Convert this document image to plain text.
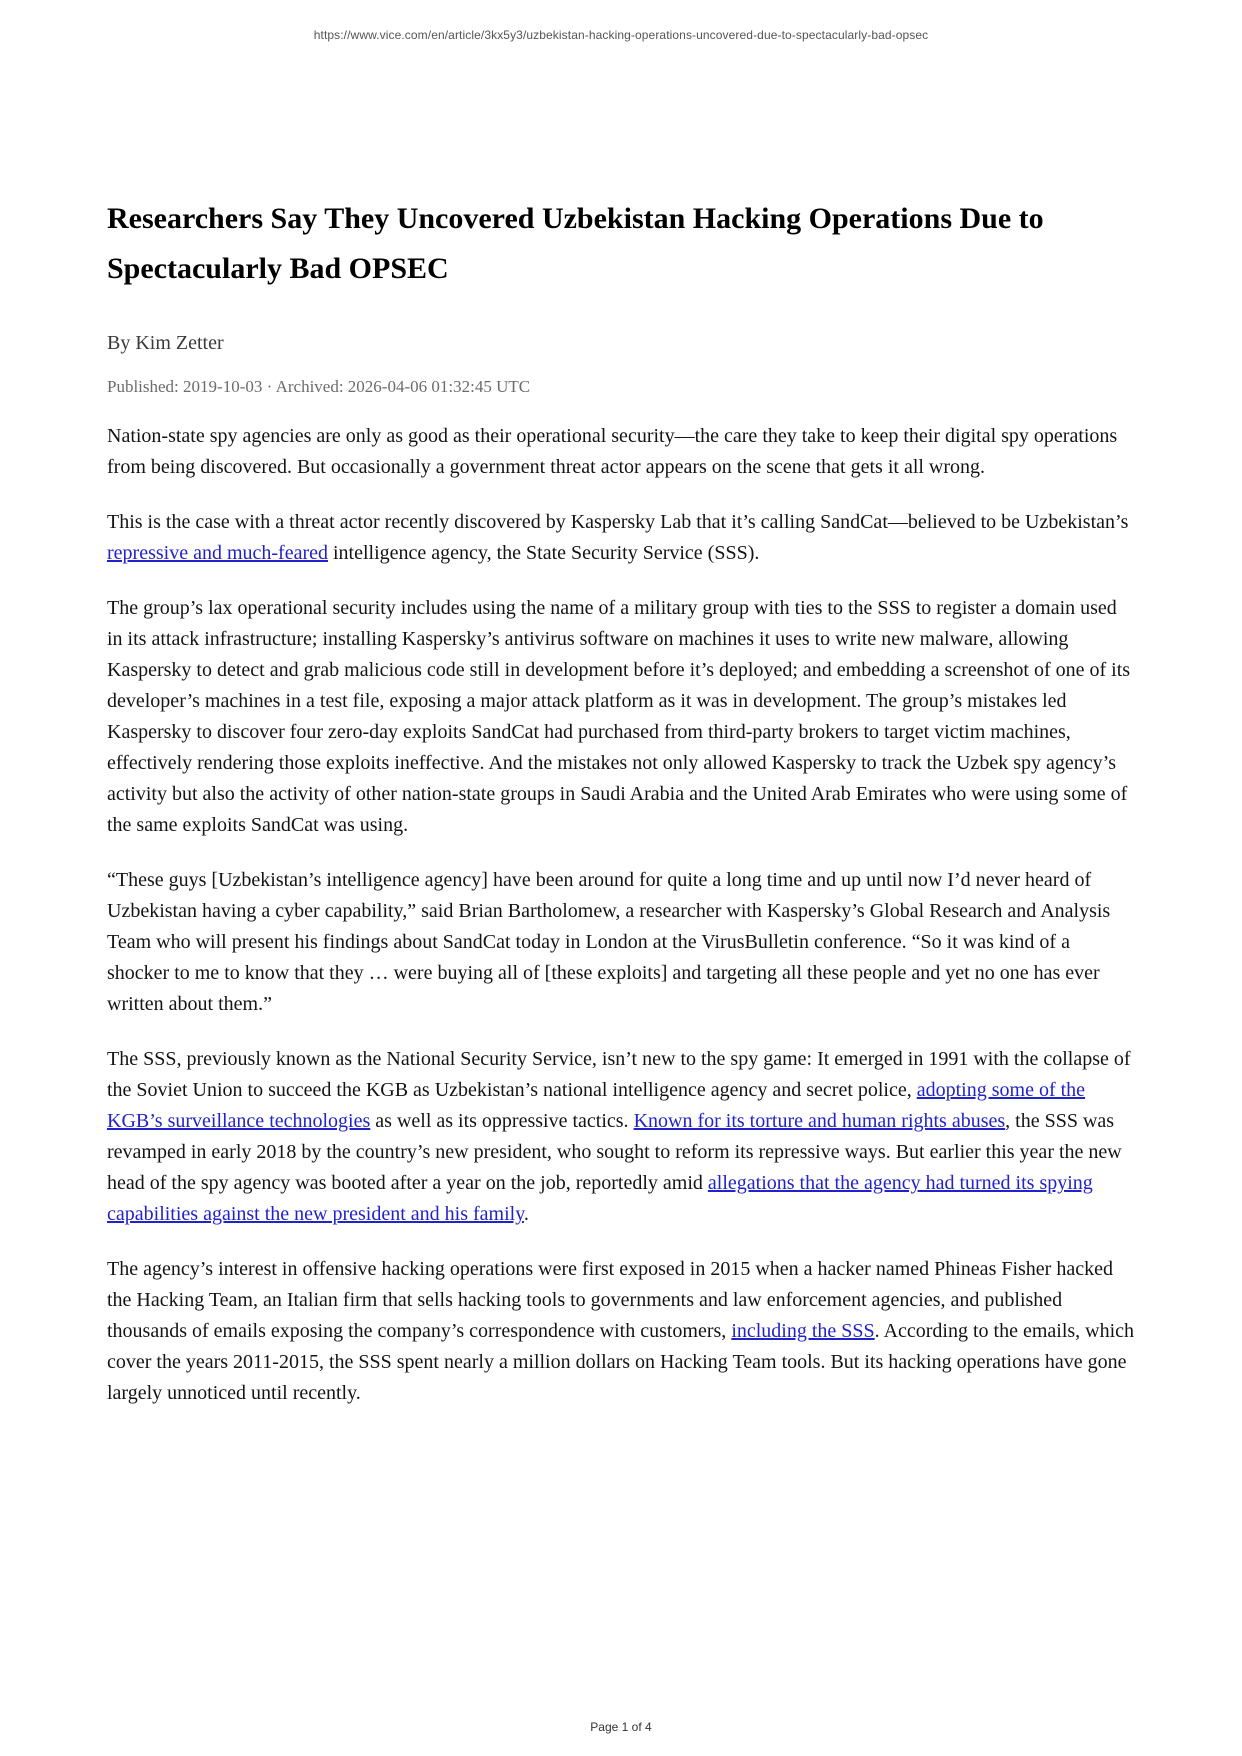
https://www.vice.com/en/article/3kx5y3/uzbekistan-hacking-operations-uncovered-due-to-spectacularly-bad-opsec
Researchers Say They Uncovered Uzbekistan Hacking Operations Due to Spectacularly Bad OPSEC
By Kim Zetter
Published: 2019-10-03 · Archived: 2026-04-06 01:32:45 UTC

Nation-state spy agencies are only as good as their operational security—the care they take to keep their digital spy operations from being discovered. But occasionally a government threat actor appears on the scene that gets it all wrong.

This is the case with a threat actor recently discovered by Kaspersky Lab that it’s calling SandCat—believed to be Uzbekistan’s repressive and much-feared intelligence agency, the State Security Service (SSS).

The group’s lax operational security includes using the name of a military group with ties to the SSS to register a domain used in its attack infrastructure; installing Kaspersky’s antivirus software on machines it uses to write new malware, allowing Kaspersky to detect and grab malicious code still in development before it’s deployed; and embedding a screenshot of one of its developer’s machines in a test file, exposing a major attack platform as it was in development. The group’s mistakes led Kaspersky to discover four zero-day exploits SandCat had purchased from third-party brokers to target victim machines, effectively rendering those exploits ineffective. And the mistakes not only allowed Kaspersky to track the Uzbek spy agency’s activity but also the activity of other nation-state groups in Saudi Arabia and the United Arab Emirates who were using some of the same exploits SandCat was using.

“These guys [Uzbekistan’s intelligence agency] have been around for quite a long time and up until now I’d never heard of Uzbekistan having a cyber capability,” said Brian Bartholomew, a researcher with Kaspersky’s Global Research and Analysis Team who will present his findings about SandCat today in London at the VirusBulletin conference. “So it was kind of a shocker to me to know that they … were buying all of [these exploits] and targeting all these people and yet no one has ever written about them.”

The SSS, previously known as the National Security Service, isn’t new to the spy game: It emerged in 1991 with the collapse of the Soviet Union to succeed the KGB as Uzbekistan’s national intelligence agency and secret police, adopting some of the KGB’s surveillance technologies as well as its oppressive tactics. Known for its torture and human rights abuses, the SSS was revamped in early 2018 by the country’s new president, who sought to reform its repressive ways. But earlier this year the new head of the spy agency was booted after a year on the job, reportedly amid allegations that the agency had turned its spying capabilities against the new president and his family.

The agency’s interest in offensive hacking operations were first exposed in 2015 when a hacker named Phineas Fisher hacked the Hacking Team, an Italian firm that sells hacking tools to governments and law enforcement agencies, and published thousands of emails exposing the company’s correspondence with customers, including the SSS. According to the emails, which cover the years 2011-2015, the SSS spent nearly a million dollars on Hacking Team tools. But its hacking operations have gone largely unnoticed until recently.

Page 1 of 4
